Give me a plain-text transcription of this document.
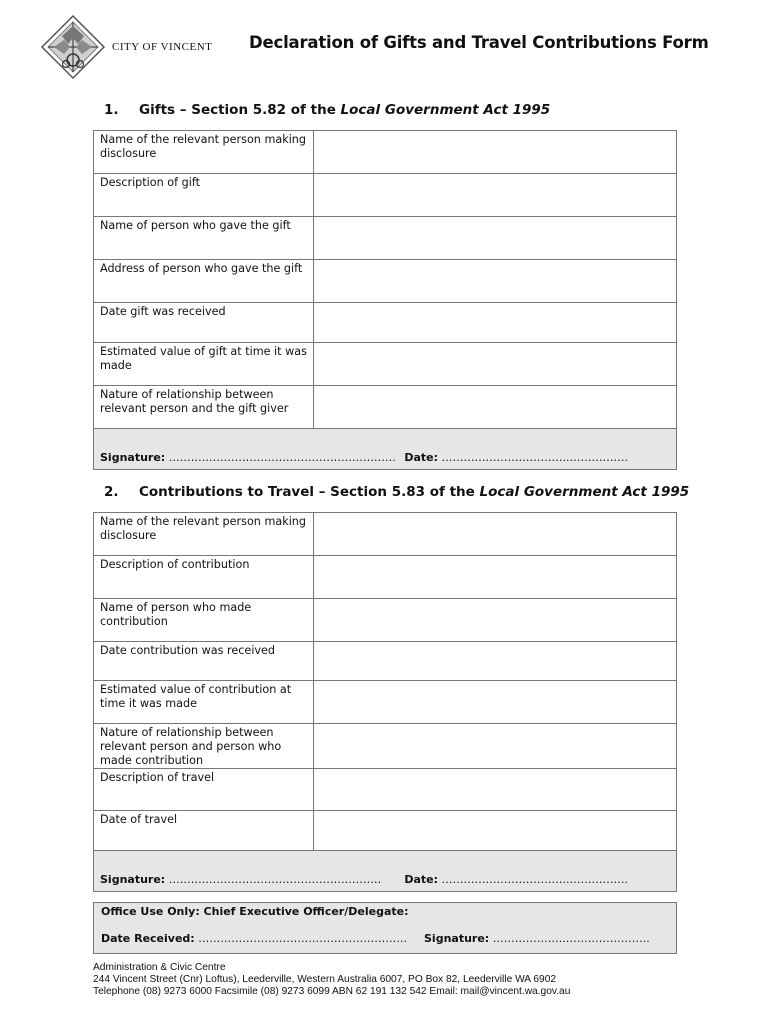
CITY OF VINCENT Declaration of Gifts and Travel Contributions Form
1. Gifts – Section 5.82 of the Local Government Act 1995
Name of the relevant person making disclosure	
Description of gift	
Name of person who gave the gift	
Address of person who gave the gift	
Date gift was received	
Estimated value of gift at time it was made	
Nature of relationship between relevant person and the gift giver	

Signature: ……….……………………………………………. Date: ……………………………..…………….	
2. Contributions to Travel – Section 5.83 of the Local Government Act 1995
Name of the relevant person making disclosure	
Description of contribution	
Name of person who made contribution	
Date contribution was received	
Estimated value of contribution at time it was made	
Nature of relationship between relevant person and person who made contribution	
Description of travel	
Date of travel	

Signature: ……….………………………………………… Date: ……………………………..…………….	
Office Use Only: Chief Executive Officer/Delegate:
Date Received: ………………………………………………… Signature: ………………..…………………..
Administration & Civic Centre
244 Vincent Street (Cnr) Loftus), Leederville, Western Australia 6007, PO Box 82, Leederville WA 6902
Telephone (08) 9273 6000 Facsimile (08) 9273 6099 ABN 62 191 132 542 Email: mail@vincent.wa.gov.au
